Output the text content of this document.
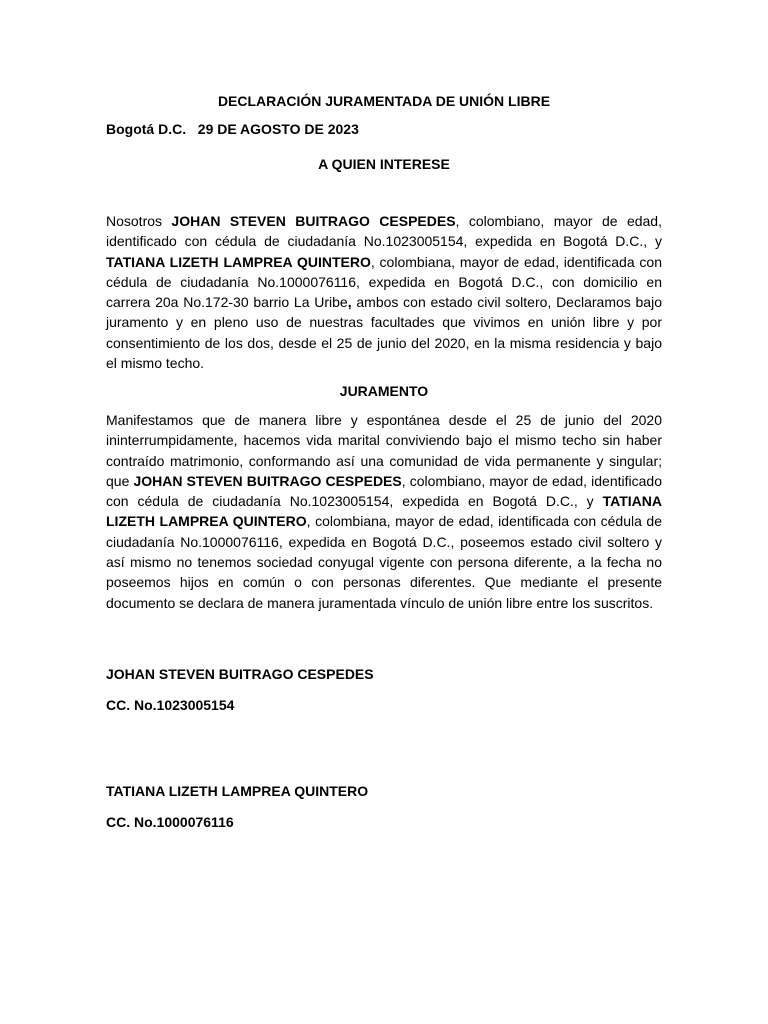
DECLARACIÓN JURAMENTADA DE UNIÓN LIBRE
Bogotá D.C. 29 DE AGOSTO DE 2023
A QUIEN INTERESE

Nosotros JOHAN STEVEN BUITRAGO CESPEDES, colombiano, mayor de edad, identificado con cédula de ciudadanía No.1023005154, expedida en Bogotá D.C., y TATIANA LIZETH LAMPREA QUINTERO, colombiana, mayor de edad, identificada con cédula de ciudadanía No.1000076116, expedida en Bogotá D.C., con domicilio en carrera 20a No.172-30 barrio La Uribe, ambos con estado civil soltero, Declaramos bajo juramento y en pleno uso de nuestras facultades que vivimos en unión libre y por consentimiento de los dos, desde el 25 de junio del 2020, en la misma residencia y bajo el mismo techo.

JURAMENTO

Manifestamos que de manera libre y espontánea desde el 25 de junio del 2020 ininterrumpidamente, hacemos vida marital conviviendo bajo el mismo techo sin haber contraído matrimonio, conformando así una comunidad de vida permanente y singular; que JOHAN STEVEN BUITRAGO CESPEDES, colombiano, mayor de edad, identificado con cédula de ciudadanía No.1023005154, expedida en Bogotá D.C., y TATIANA LIZETH LAMPREA QUINTERO, colombiana, mayor de edad, identificada con cédula de ciudadanía No.1000076116, expedida en Bogotá D.C., poseemos estado civil soltero y así mismo no tenemos sociedad conyugal vigente con persona diferente, a la fecha no poseemos hijos en común o con personas diferentes. Que mediante el presente documento se declara de manera juramentada vínculo de unión libre entre los suscritos.

JOHAN STEVEN BUITRAGO CESPEDES
CC. No.1023005154
TATIANA LIZETH LAMPREA QUINTERO
CC. No.1000076116
